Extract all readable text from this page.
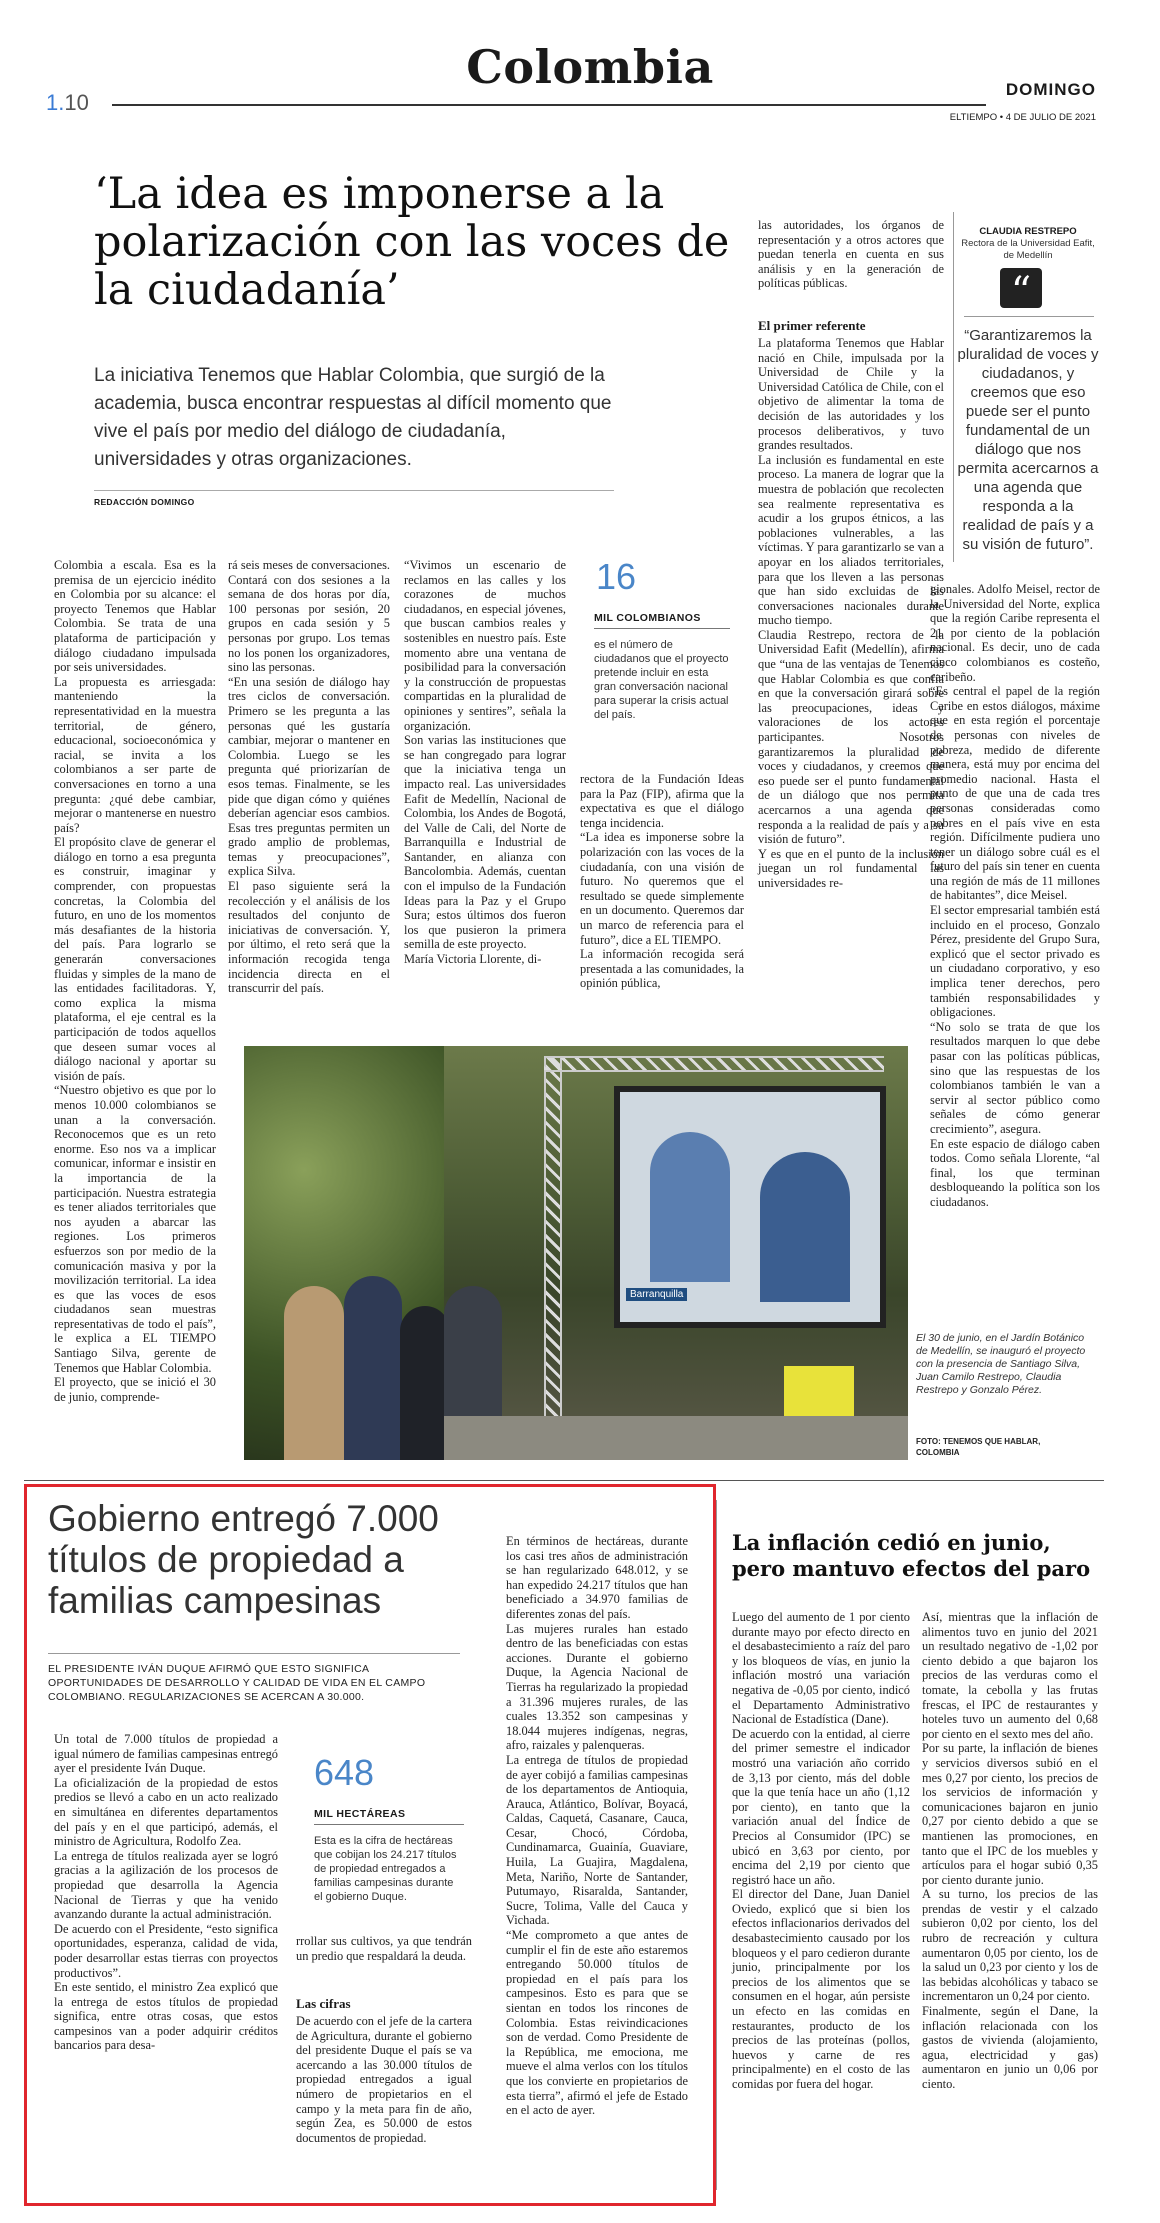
Colombia
1.10
DOMINGO
ELTIEMPO • 4 DE JULIO DE 2021
‘La idea es imponerse a la polarización con las voces de la ciudadanía’
La iniciativa Tenemos que Hablar Colombia, que surgió de la academia, busca encontrar respuestas al difícil momento que vive el país por medio del diálogo de ciudadanía, universidades y otras organizaciones.
REDACCIÓN DOMINGO
las autoridades, los órganos de representación y a otros actores que puedan tenerla en cuenta en sus análisis y en la generación de políticas públicas.
El primer referente
La plataforma Tenemos que Hablar nació en Chile, impulsada por la Universidad de Chile y la Universidad Católica de Chile, con el objetivo de alimentar la toma de decisión de las autoridades y los procesos deliberativos, y tuvo grandes resultados.
La inclusión es fundamental en este proceso. La manera de lograr que la muestra de población que recolecten sea realmente representativa es acudir a los grupos étnicos, a las poblaciones vulnerables, a las víctimas. Y para garantizarlo se van a apoyar en los aliados territoriales, para que los lleven a las personas que han sido excluidas de las conversaciones nacionales durante mucho tiempo.
Claudia Restrepo, rectora de la Universidad Eafit (Medellín), afirma que “una de las ventajas de Tenemos que Hablar Colombia es que confía en que la conversación girará sobre las preocupaciones, ideas y valoraciones de los actores participantes. Nosotros garantizaremos la pluralidad de voces y ciudadanos, y creemos que eso puede ser el punto fundamental de un diálogo que nos permita acercarnos a una agenda que responda a la realidad de país y a su visión de futuro”.
Y es que en el punto de la inclusión juegan un rol fundamental las universidades re-
CLAUDIA RESTREPO
Rectora de la Universidad Eafit, de Medellín
“
“Garantizaremos la pluralidad de voces y ciudadanos, y creemos que eso puede ser el punto fundamental de un diálogo que nos permita acercarnos a una agenda que responda a la realidad de país y a su visión de futuro”.
Colombia a escala. Esa es la premisa de un ejercicio inédito en Colombia por su alcance: el proyecto Tenemos que Hablar Colombia. Se trata de una plataforma de participación y diálogo ciudadano impulsada por seis universidades.
La propuesta es arriesgada: manteniendo la representatividad en la muestra territorial, de género, educacional, socioeconómica y racial, se invita a los colombianos a ser parte de conversaciones en torno a una pregunta: ¿qué debe cambiar, mejorar o mantenerse en nuestro país?
El propósito clave de generar el diálogo en torno a esa pregunta es construir, imaginar y comprender, con propuestas concretas, la Colombia del futuro, en uno de los momentos más desafiantes de la historia del país. Para lograrlo se generarán conversaciones fluidas y simples de la mano de las entidades facilitadoras. Y, como explica la misma plataforma, el eje central es la participación de todos aquellos que deseen sumar voces al diálogo nacional y aportar su visión de país.
“Nuestro objetivo es que por lo menos 10.000 colombianos se unan a la conversación. Reconocemos que es un reto enorme. Eso nos va a implicar comunicar, informar e insistir en la importancia de la participación. Nuestra estrategia es tener aliados territoriales que nos ayuden a abarcar las regiones. Los primeros esfuerzos son por medio de la comunicación masiva y por la movilización territorial. La idea es que las voces de esos ciudadanos sean muestras representativas de todo el país”, le explica a EL TIEMPO Santiago Silva, gerente de Tenemos que Hablar Colombia.
El proyecto, que se inició el 30 de junio, comprende-
rá seis meses de conversaciones. Contará con dos sesiones a la semana de dos horas por día, 100 personas por sesión, 20 grupos en cada sesión y 5 personas por grupo. Los temas no los ponen los organizadores, sino las personas.
“En una sesión de diálogo hay tres ciclos de conversación. Primero se les pregunta a las personas qué les gustaría cambiar, mejorar o mantener en Colombia. Luego se les pregunta qué priorizarían de esos temas. Finalmente, se les pide que digan cómo y quiénes deberían agenciar esos cambios. Esas tres preguntas permiten un grado amplio de problemas, temas y preocupaciones”, explica Silva.
El paso siguiente será la recolección y el análisis de los resultados del conjunto de iniciativas de conversación. Y, por último, el reto será que la información recogida tenga incidencia directa en el transcurrir del país.
“Vivimos un escenario de reclamos en las calles y los corazones de muchos ciudadanos, en especial jóvenes, que buscan cambios reales y sostenibles en nuestro país. Este momento abre una ventana de posibilidad para la conversación y la construcción de propuestas compartidas en la pluralidad de opiniones y sentires”, señala la organización.
Son varias las instituciones que se han congregado para lograr que la iniciativa tenga un impacto real. Las universidades Eafit de Medellín, Nacional de Colombia, los Andes de Bogotá, del Valle de Cali, del Norte de Barranquilla e Industrial de Santander, en alianza con Bancolombia. Además, cuentan con el impulso de la Fundación Ideas para la Paz y el Grupo Sura; estos últimos dos fueron los que pusieron la primera semilla de este proyecto.
María Victoria Llorente, di-
16
MIL COLOMBIANOS
es el número de ciudadanos que el proyecto pretende incluir en esta gran conversación nacional para superar la crisis actual del país.
rectora de la Fundación Ideas para la Paz (FIP), afirma que la expectativa es que el diálogo tenga incidencia.
“La idea es imponerse sobre la polarización con las voces de la ciudadanía, con una visión de futuro. No queremos que el resultado se quede simplemente en un documento. Queremos dar un marco de referencia para el futuro”, dice a EL TIEMPO.
La información recogida será presentada a las comunidades, la opinión pública,
gionales. Adolfo Meisel, rector de la Universidad del Norte, explica que la región Caribe representa el 21 por ciento de la población nacional. Es decir, uno de cada cinco colombianos es costeño, caribeño.
“Es central el papel de la región Caribe en estos diálogos, máxime que en esta región el porcentaje de personas con niveles de pobreza, medido de diferente manera, está muy por encima del promedio nacional. Hasta el punto de que una de cada tres personas consideradas como pobres en el país vive en esta región. Difícilmente pudiera uno tener un diálogo sobre cuál es el futuro del país sin tener en cuenta una región de más de 11 millones de habitantes”, dice Meisel.
El sector empresarial también está incluido en el proceso, Gonzalo Pérez, presidente del Grupo Sura, explicó que el sector privado es un ciudadano corporativo, y eso implica tener derechos, pero también responsabilidades y obligaciones.
“No solo se trata de que los resultados marquen lo que debe pasar con las políticas públicas, sino que las respuestas de los colombianos también le van a servir al sector público como señales de cómo generar crecimiento”, asegura.
En este espacio de diálogo caben todos. Como señala Llorente, “al final, los que terminan desbloqueando la política son los ciudadanos.
Barranquilla
El 30 de junio, en el Jardín Botánico de Medellín, se inauguró el proyecto con la presencia de Santiago Silva, Juan Camilo Restrepo, Claudia Restrepo y Gonzalo Pérez.
FOTO: TENEMOS QUE HABLAR, COLOMBIA
Gobierno entregó 7.000 títulos de propiedad a familias campesinas
EL PRESIDENTE IVÁN DUQUE AFIRMÓ QUE ESTO SIGNIFICA OPORTUNIDADES DE DESARROLLO Y CALIDAD DE VIDA EN EL CAMPO COLOMBIANO. REGULARIZACIONES SE ACERCAN A 30.000.
Un total de 7.000 títulos de propiedad a igual número de familias campesinas entregó ayer el presidente Iván Duque.
La oficialización de la propiedad de estos predios se llevó a cabo en un acto realizado en simultánea en diferentes departamentos del país y en el que participó, además, el ministro de Agricultura, Rodolfo Zea.
La entrega de títulos realizada ayer se logró gracias a la agilización de los procesos de propiedad que desarrolla la Agencia Nacional de Tierras y que ha venido avanzando durante la actual administración.
De acuerdo con el Presidente, “esto significa oportunidades, esperanza, calidad de vida, poder desarrollar estas tierras con proyectos productivos”.
En este sentido, el ministro Zea explicó que la entrega de estos títulos de propiedad significa, entre otras cosas, que estos campesinos van a poder adquirir créditos bancarios para desa-
648
MIL HECTÁREAS
Esta es la cifra de hectáreas que cobijan los 24.217 títulos de propiedad entregados a familias campesinas durante el gobierno Duque.
rrollar sus cultivos, ya que tendrán un predio que respaldará la deuda.
Las cifras
De acuerdo con el jefe de la cartera de Agricultura, durante el gobierno del presidente Duque el país se va acercando a las 30.000 títulos de propiedad entregados a igual número de propietarios en el campo y la meta para fin de año, según Zea, es 50.000 de estos documentos de propiedad.
En términos de hectáreas, durante los casi tres años de administración se han regularizado 648.012, y se han expedido 24.217 títulos que han beneficiado a 34.970 familias de diferentes zonas del país.
Las mujeres rurales han estado dentro de las beneficiadas con estas acciones. Durante el gobierno Duque, la Agencia Nacional de Tierras ha regularizado la propiedad a 31.396 mujeres rurales, de las cuales 13.352 son campesinas y 18.044 mujeres indígenas, negras, afro, raizales y palenqueras.
La entrega de títulos de propiedad de ayer cobijó a familias campesinas de los departamentos de Antioquia, Arauca, Atlántico, Bolívar, Boyacá, Caldas, Caquetá, Casanare, Cauca, Cesar, Chocó, Córdoba, Cundinamarca, Guainía, Guaviare, Huila, La Guajira, Magdalena, Meta, Nariño, Norte de Santander, Putumayo, Risaralda, Santander, Sucre, Tolima, Valle del Cauca y Vichada.
“Me comprometo a que antes de cumplir el fin de este año estaremos entregando 50.000 títulos de propiedad en el país para los campesinos. Esto es para que se sientan en todos los rincones de Colombia. Estas reivindicaciones son de verdad. Como Presidente de la República, me emociona, me mueve el alma verlos con los títulos que los convierte en propietarios de esta tierra”, afirmó el jefe de Estado en el acto de ayer.
La inflación cedió en junio, pero mantuvo efectos del paro
Luego del aumento de 1 por ciento durante mayo por efecto directo en el desabastecimiento a raíz del paro y los bloqueos de vías, en junio la inflación mostró una variación negativa de -0,05 por ciento, indicó el Departamento Administrativo Nacional de Estadística (Dane).
De acuerdo con la entidad, al cierre del primer semestre el indicador mostró una variación año corrido de 3,13 por ciento, más del doble que la que tenía hace un año (1,12 por ciento), en tanto que la variación anual del Índice de Precios al Consumidor (IPC) se ubicó en 3,63 por ciento, por encima del 2,19 por ciento que registró hace un año.
El director del Dane, Juan Daniel Oviedo, explicó que si bien los efectos inflacionarios derivados del desabastecimiento causado por los bloqueos y el paro cedieron durante junio, principalmente por los precios de los alimentos que se consumen en el hogar, aún persiste un efecto en las comidas en restaurantes, producto de los precios de las proteínas (pollos, huevos y carne de res principalmente) en el costo de las comidas por fuera del hogar.
Así, mientras que la inflación de alimentos tuvo en junio del 2021 un resultado negativo de -1,02 por ciento debido a que bajaron los precios de las verduras como el tomate, la cebolla y las frutas frescas, el IPC de restaurantes y hoteles tuvo un aumento del 0,68 por ciento en el sexto mes del año.
Por su parte, la inflación de bienes y servicios diversos subió en el mes 0,27 por ciento, los precios de los servicios de información y comunicaciones bajaron en junio 0,27 por ciento debido a que se mantienen las promociones, en tanto que el IPC de los muebles y artículos para el hogar subió 0,35 por ciento durante junio.
A su turno, los precios de las prendas de vestir y el calzado subieron 0,02 por ciento, los del rubro de recreación y cultura aumentaron 0,05 por ciento, los de la salud un 0,23 por ciento y los de las bebidas alcohólicas y tabaco se incrementaron un 0,24 por ciento.
Finalmente, según el Dane, la inflación relacionada con los gastos de vivienda (alojamiento, agua, electricidad y gas) aumentaron en junio un 0,06 por ciento.
